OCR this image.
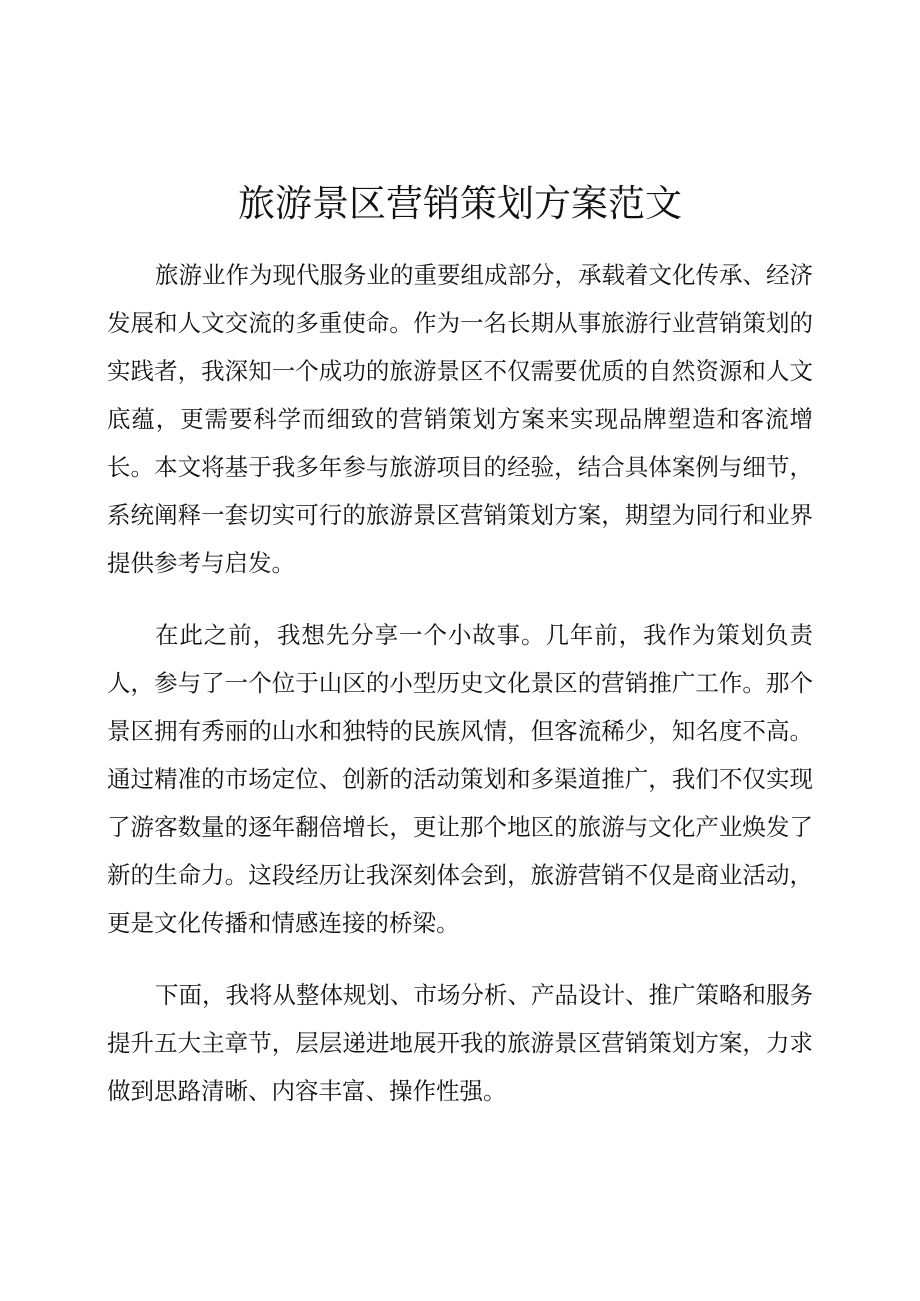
旅游景区营销策划方案范文

旅游业作为现代服务业的重要组成部分，承载着文化传承、经济发展和人文交流的多重使命。作为一名长期从事旅游行业营销策划的实践者，我深知一个成功的旅游景区不仅需要优质的自然资源和人文底蕴，更需要科学而细致的营销策划方案来实现品牌塑造和客流增长。本文将基于我多年参与旅游项目的经验，结合具体案例与细节，系统阐释一套切实可行的旅游景区营销策划方案，期望为同行和业界提供参考与启发。

在此之前，我想先分享一个小故事。几年前，我作为策划负责人，参与了一个位于山区的小型历史文化景区的营销推广工作。那个景区拥有秀丽的山水和独特的民族风情，但客流稀少，知名度不高。通过精准的市场定位、创新的活动策划和多渠道推广，我们不仅实现了游客数量的逐年翻倍增长，更让那个地区的旅游与文化产业焕发了新的生命力。这段经历让我深刻体会到，旅游营销不仅是商业活动，更是文化传播和情感连接的桥梁。

下面，我将从整体规划、市场分析、产品设计、推广策略和服务提升五大主章节，层层递进地展开我的旅游景区营销策划方案，力求做到思路清晰、内容丰富、操作性强。
